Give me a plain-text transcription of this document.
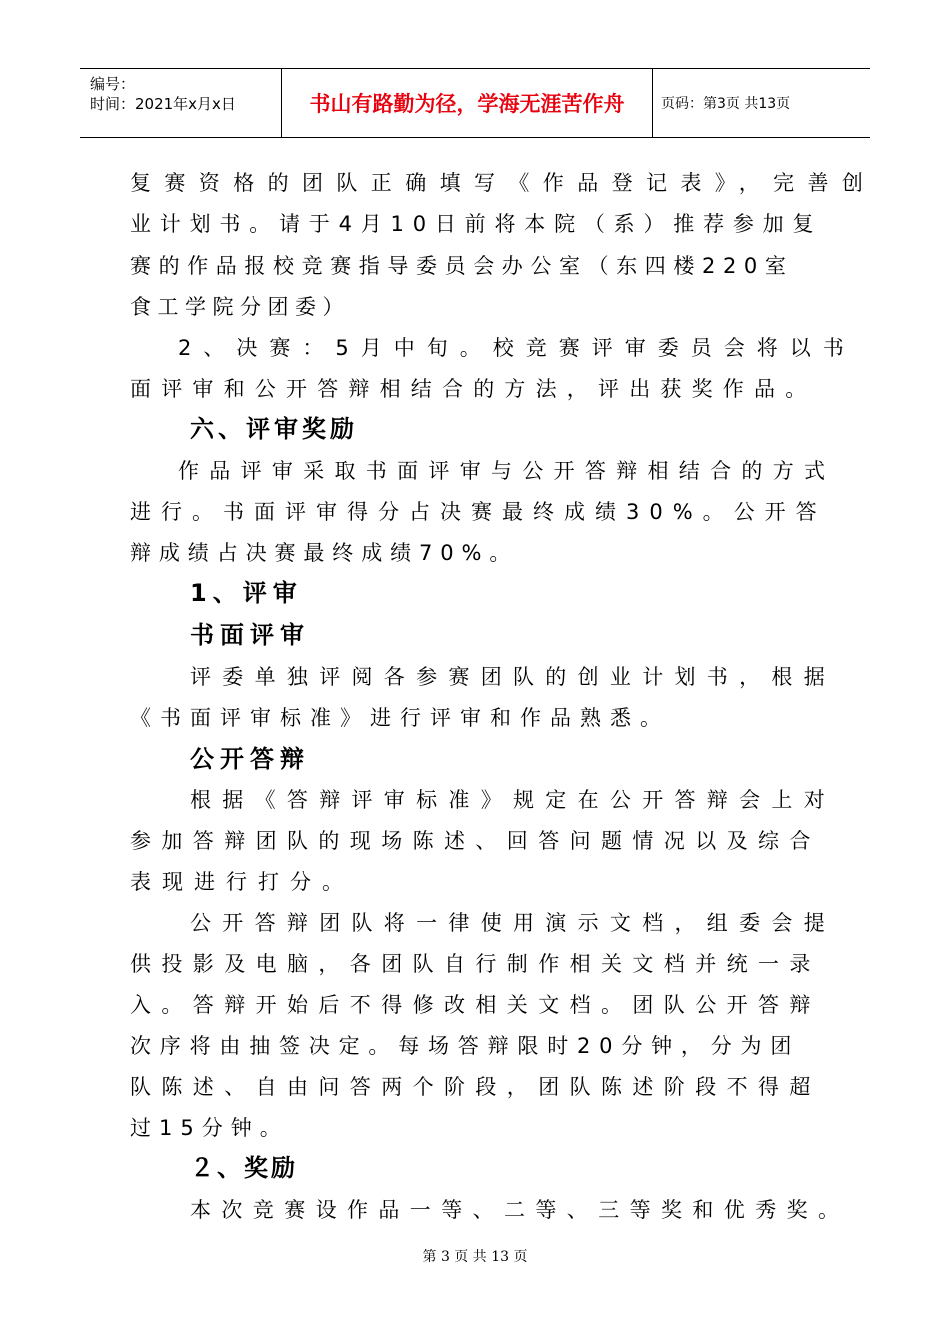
编号：
时间：2021年x月x日	书山有路勤为径，学海无涯苦作舟	页码：第3页 共13页
复赛资格的团队正确填写《作品登记表》，完善创
业计划书。请于4月10日前将本院（系）推荐参加复
赛的作品报校竞赛指导委员会办公室（东四楼220室
食工学院分团委）
2、决赛：5月中旬。校竞赛评审委员会将以书
面评审和公开答辩相结合的方法，评出获奖作品。
六、评审奖励
作品评审采取书面评审与公开答辩相结合的方式
进行。书面评审得分占决赛最终成绩30%。公开答
辩成绩占决赛最终成绩70%。
1、评审
书面评审
评委单独评阅各参赛团队的创业计划书，根据
《书面评审标准》进行评审和作品熟悉。
公开答辩
根据《答辩评审标准》规定在公开答辩会上对
参加答辩团队的现场陈述、回答问题情况以及综合
表现进行打分。
公开答辩团队将一律使用演示文档，组委会提
供投影及电脑，各团队自行制作相关文档并统一录
入。答辩开始后不得修改相关文档。团队公开答辩
次序将由抽签决定。每场答辩限时20分钟，分为团
队陈述、自由问答两个阶段，团队陈述阶段不得超
过15分钟。
２、奖励
本次竞赛设作品一等、二等、三等奖和优秀奖。
第 3 页 共 13 页
